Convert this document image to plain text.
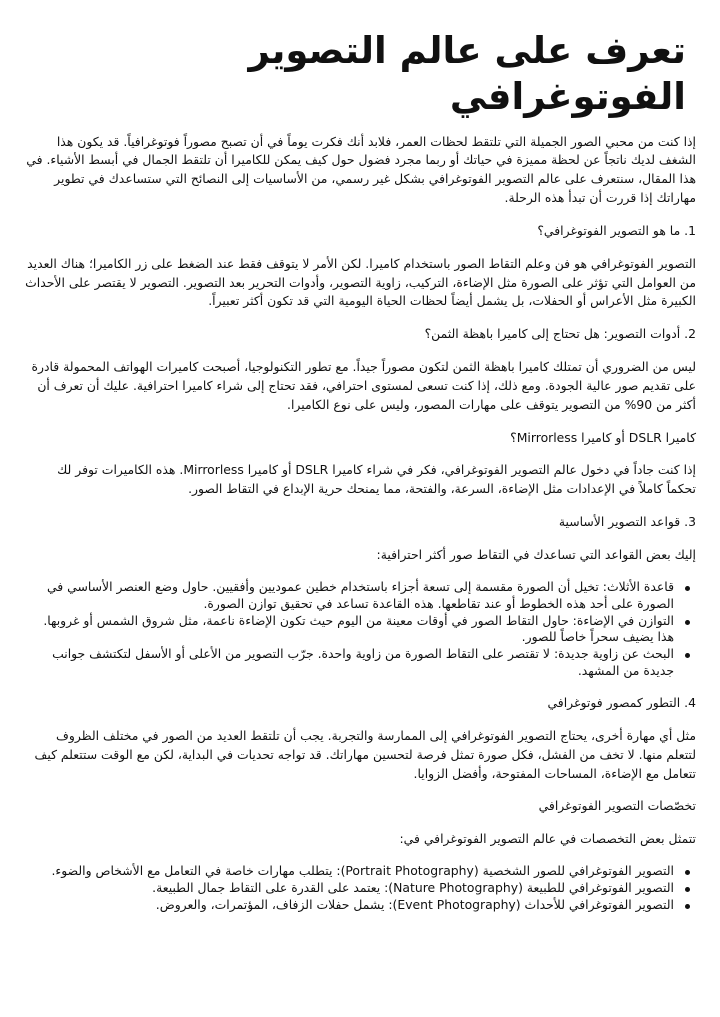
تعرف على عالم التصوير الفوتوغرافي

إذا كنت من محبي الصور الجميلة التي تلتقط لحظات العمر، فلابد أنك فكرت يوماً في أن تصبح مصوراً فوتوغرافياً. قد يكون هذا الشغف لديك ناتجاً عن لحظة مميزة في حياتك أو ربما مجرد فضول حول كيف يمكن للكاميرا أن تلتقط الجمال في أبسط الأشياء. في هذا المقال، سنتعرف على عالم التصوير الفوتوغرافي بشكل غير رسمي، من الأساسيات إلى النصائح التي ستساعدك في تطوير مهاراتك إذا قررت أن تبدأ هذه الرحلة.

1. ما هو التصوير الفوتوغرافي؟

التصوير الفوتوغرافي هو فن وعلم التقاط الصور باستخدام كاميرا. لكن الأمر لا يتوقف فقط عند الضغط على زر الكاميرا؛ هناك العديد من العوامل التي تؤثر على الصورة مثل الإضاءة، التركيب، زاوية التصوير، وأدوات التحرير بعد التصوير. التصوير لا يقتصر على الأحداث الكبيرة مثل الأعراس أو الحفلات، بل يشمل أيضاً لحظات الحياة اليومية التي قد تكون أكثر تعبيراً.

2. أدوات التصوير: هل تحتاج إلى كاميرا باهظة الثمن؟

ليس من الضروري أن تمتلك كاميرا باهظة الثمن لتكون مصوراً جيداً. مع تطور التكنولوجيا، أصبحت كاميرات الهواتف المحمولة قادرة على تقديم صور عالية الجودة. ومع ذلك، إذا كنت تسعى لمستوى احترافي، فقد تحتاج إلى شراء كاميرا احترافية. عليك أن تعرف أن أكثر من 90% من التصوير يتوقف على مهارات المصور، وليس على نوع الكاميرا.

كاميرا DSLR أو كاميرا Mirrorless؟

إذا كنت جاداً في دخول عالم التصوير الفوتوغرافي، فكر في شراء كاميرا DSLR أو كاميرا Mirrorless. هذه الكاميرات توفر لك تحكماً كاملاً في الإعدادات مثل الإضاءة، السرعة، والفتحة، مما يمنحك حرية الإبداع في التقاط الصور.

3. قواعد التصوير الأساسية

إليك بعض القواعد التي تساعدك في التقاط صور أكثر احترافية:

قاعدة الأثلاث: تخيل أن الصورة مقسمة إلى تسعة أجزاء باستخدام خطين عموديين وأفقيين. حاول وضع العنصر الأساسي في الصورة على أحد هذه الخطوط أو عند تقاطعها. هذه القاعدة تساعد في تحقيق توازن الصورة.
التوازن في الإضاءة: حاول التقاط الصور في أوقات معينة من اليوم حيث تكون الإضاءة ناعمة، مثل شروق الشمس أو غروبها. هذا يضيف سحراً خاصاً للصور.
البحث عن زاوية جديدة: لا تقتصر على التقاط الصورة من زاوية واحدة. جرّب التصوير من الأعلى أو الأسفل لتكتشف جوانب جديدة من المشهد.

4. التطور كمصور فوتوغرافي

مثل أي مهارة أخرى، يحتاج التصوير الفوتوغرافي إلى الممارسة والتجربة. يجب أن تلتقط العديد من الصور في مختلف الظروف لتتعلم منها. لا تخف من الفشل، فكل صورة تمثل فرصة لتحسين مهاراتك. قد تواجه تحديات في البداية، لكن مع الوقت ستتعلم كيف تتعامل مع الإضاءة، المساحات المفتوحة، وأفضل الزوايا.

تخصّصات التصوير الفوتوغرافي

تتمثل بعض التخصصات في عالم التصوير الفوتوغرافي في:

التصوير الفوتوغرافي للصور الشخصية (Portrait Photography): يتطلب مهارات خاصة في التعامل مع الأشخاص والضوء.
التصوير الفوتوغرافي للطبيعة (Nature Photography): يعتمد على القدرة على التقاط جمال الطبيعة.
التصوير الفوتوغرافي للأحداث (Event Photography): يشمل حفلات الزفاف، المؤتمرات، والعروض.
